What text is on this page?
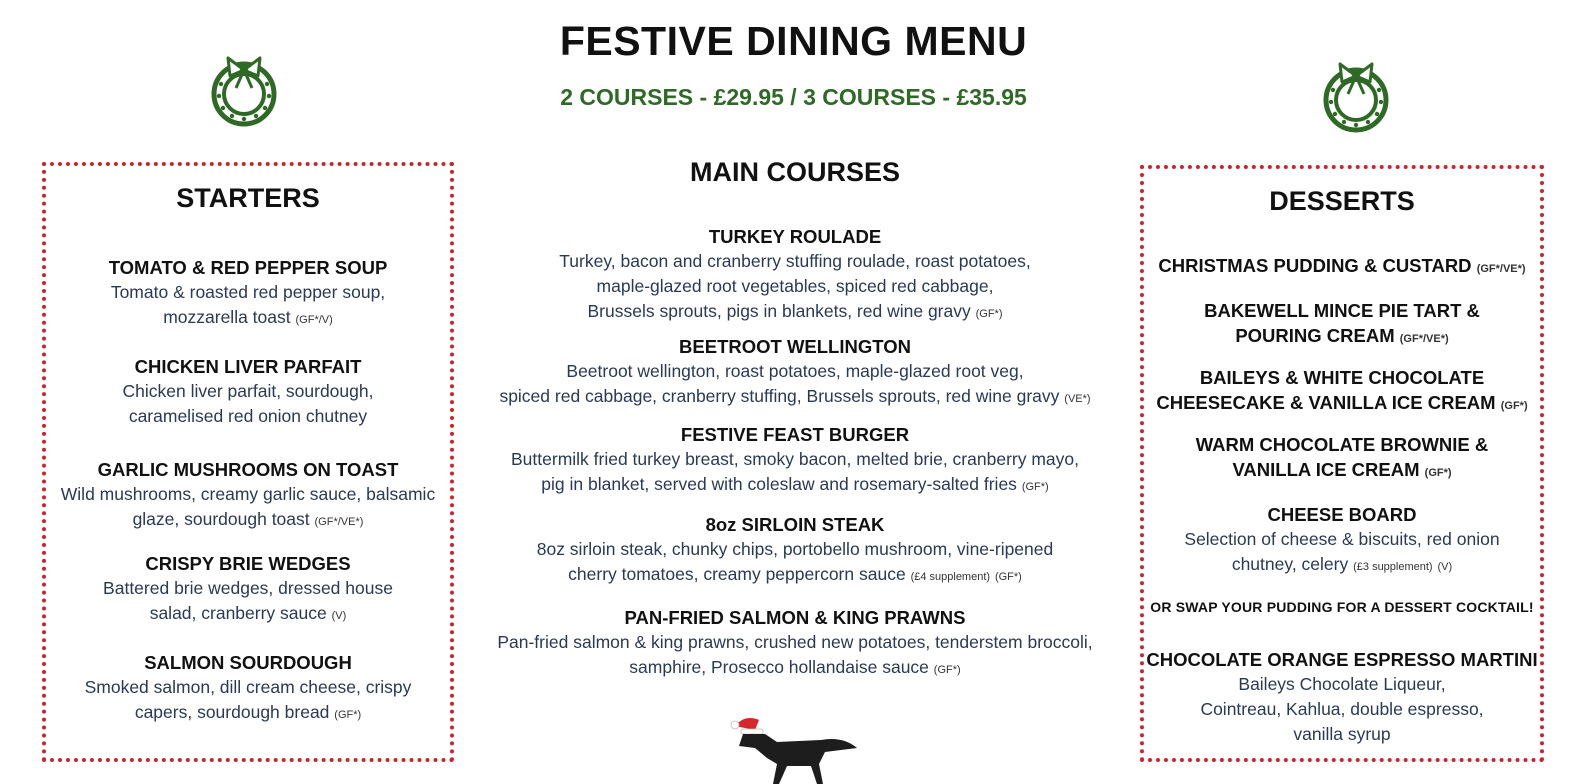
FESTIVE DINING MENU
2 COURSES - £29.95 / 3 COURSES - £35.95
STARTERS
TOMATO & RED PEPPER SOUP
Tomato & roasted red pepper soup,
mozzarella toast (GF*/V)
CHICKEN LIVER PARFAIT
Chicken liver parfait, sourdough,
caramelised red onion chutney
GARLIC MUSHROOMS ON TOAST
Wild mushrooms, creamy garlic sauce, balsamic
glaze, sourdough toast (GF*/VE*)
CRISPY BRIE WEDGES
Battered brie wedges, dressed house
salad, cranberry sauce (V)
SALMON SOURDOUGH
Smoked salmon, dill cream cheese, crispy
capers, sourdough bread (GF*)
MAIN COURSES
TURKEY ROULADE
Turkey, bacon and cranberry stuffing roulade, roast potatoes,
maple-glazed root vegetables, spiced red cabbage,
Brussels sprouts, pigs in blankets, red wine gravy (GF*)
BEETROOT WELLINGTON
Beetroot wellington, roast potatoes, maple-glazed root veg,
spiced red cabbage, cranberry stuffing, Brussels sprouts, red wine gravy (VE*)
FESTIVE FEAST BURGER
Buttermilk fried turkey breast, smoky bacon, melted brie, cranberry mayo,
pig in blanket, served with coleslaw and rosemary-salted fries (GF*)
8oz SIRLOIN STEAK
8oz sirloin steak, chunky chips, portobello mushroom, vine-ripened
cherry tomatoes, creamy peppercorn sauce (£4 supplement) (GF*)
PAN-FRIED SALMON & KING PRAWNS
Pan-fried salmon & king prawns, crushed new potatoes, tenderstem broccoli,
samphire, Prosecco hollandaise sauce (GF*)
DESSERTS
CHRISTMAS PUDDING & CUSTARD (GF*/VE*)
BAKEWELL MINCE PIE TART &
POURING CREAM (GF*/VE*)
BAILEYS & WHITE CHOCOLATE
CHEESECAKE & VANILLA ICE CREAM (GF*)
WARM CHOCOLATE BROWNIE &
VANILLA ICE CREAM (GF*)
CHEESE BOARD
Selection of cheese & biscuits, red onion
chutney, celery (£3 supplement) (V)
OR SWAP YOUR PUDDING FOR A DESSERT COCKTAIL!
CHOCOLATE ORANGE ESPRESSO MARTINI
Baileys Chocolate Liqueur,
Cointreau, Kahlua, double espresso,
vanilla syrup
